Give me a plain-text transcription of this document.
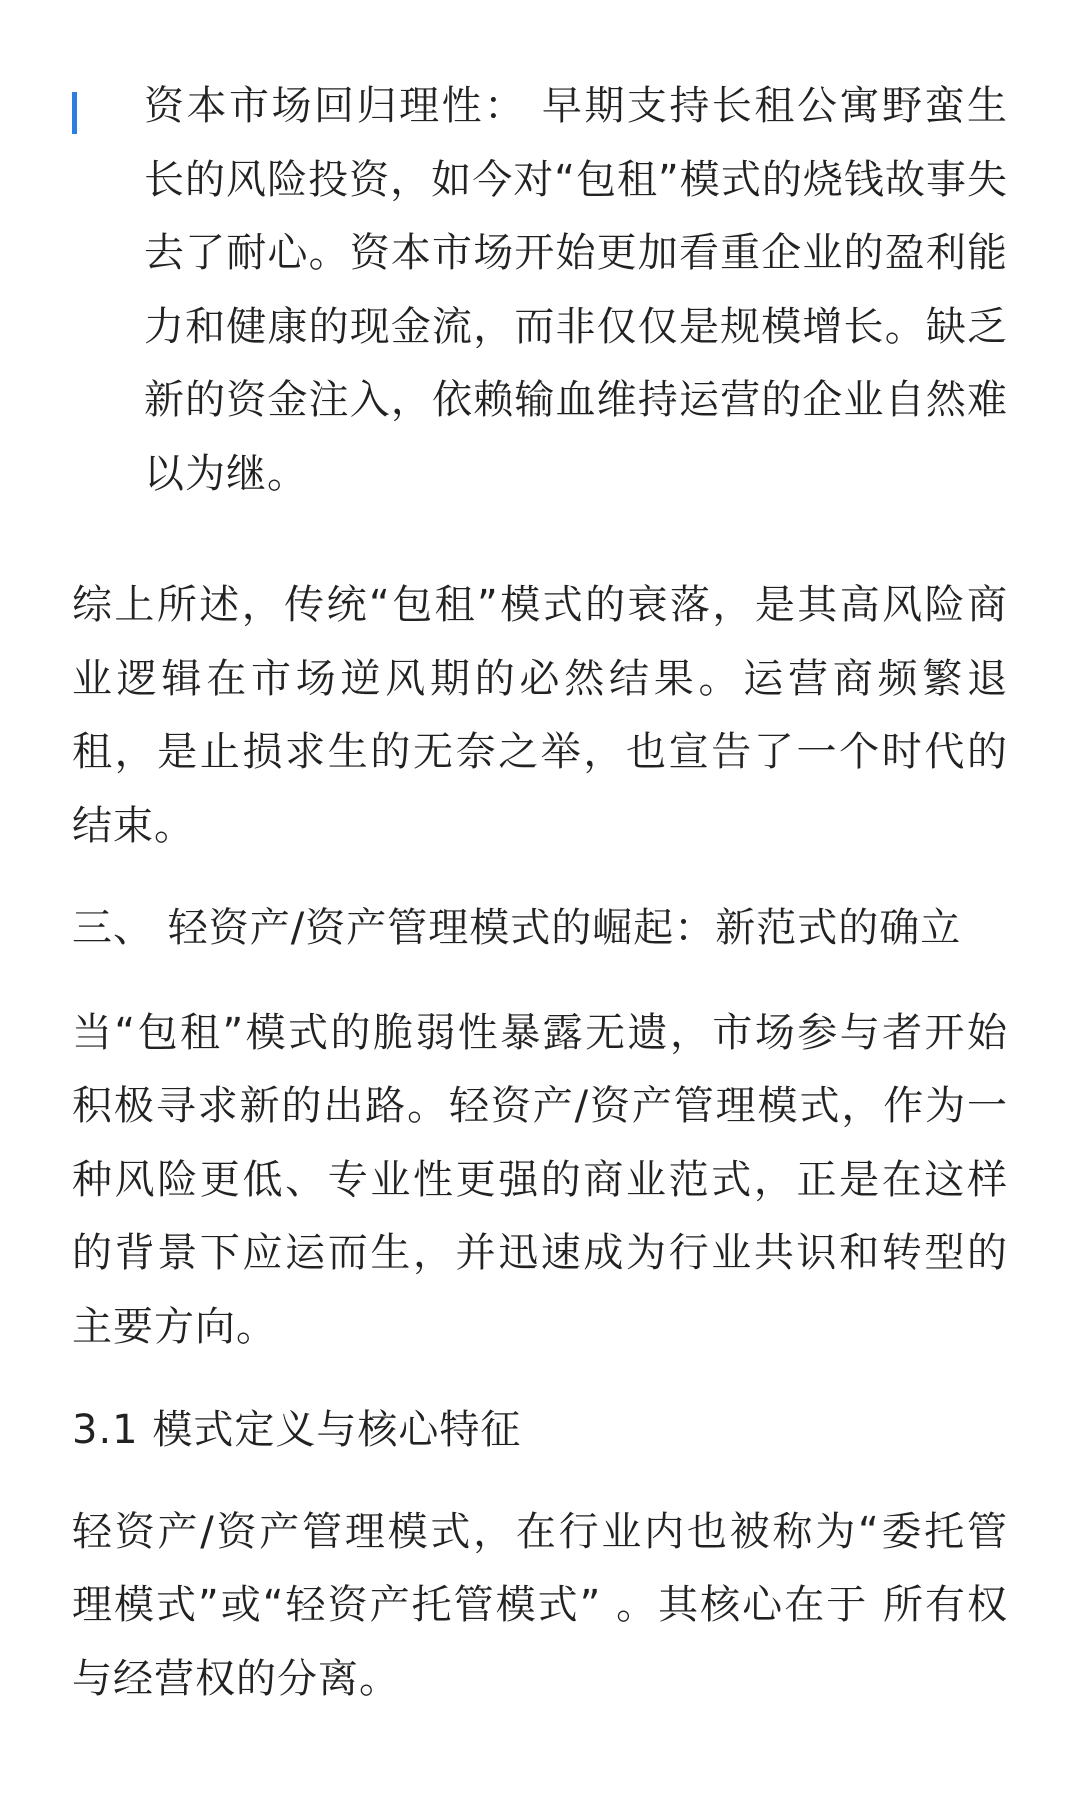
资本市场回归理性： 早期支持长租公寓野蛮生长的风险投资，如今对“包租”模式的烧钱故事失去了耐心。资本市场开始更加看重企业的盈利能力和健康的现金流，而非仅仅是规模增长。缺乏新的资金注入，依赖输血维持运营的企业自然难以为继。

综上所述，传统“包租”模式的衰落，是其高风险商业逻辑在市场逆风期的必然结果。运营商频繁退租，是止损求生的无奈之举，也宣告了一个时代的结束。

三、 轻资产/资产管理模式的崛起：新范式的确立

当“包租”模式的脆弱性暴露无遗，市场参与者开始积极寻求新的出路。轻资产/资产管理模式，作为一种风险更低、专业性更强的商业范式，正是在这样的背景下应运而生，并迅速成为行业共识和转型的主要方向。

3.1 模式定义与核心特征

轻资产/资产管理模式，在行业内也被称为“委托管理模式”或“轻资产托管模式” 。其核心在于 所有权与经营权的分离。
